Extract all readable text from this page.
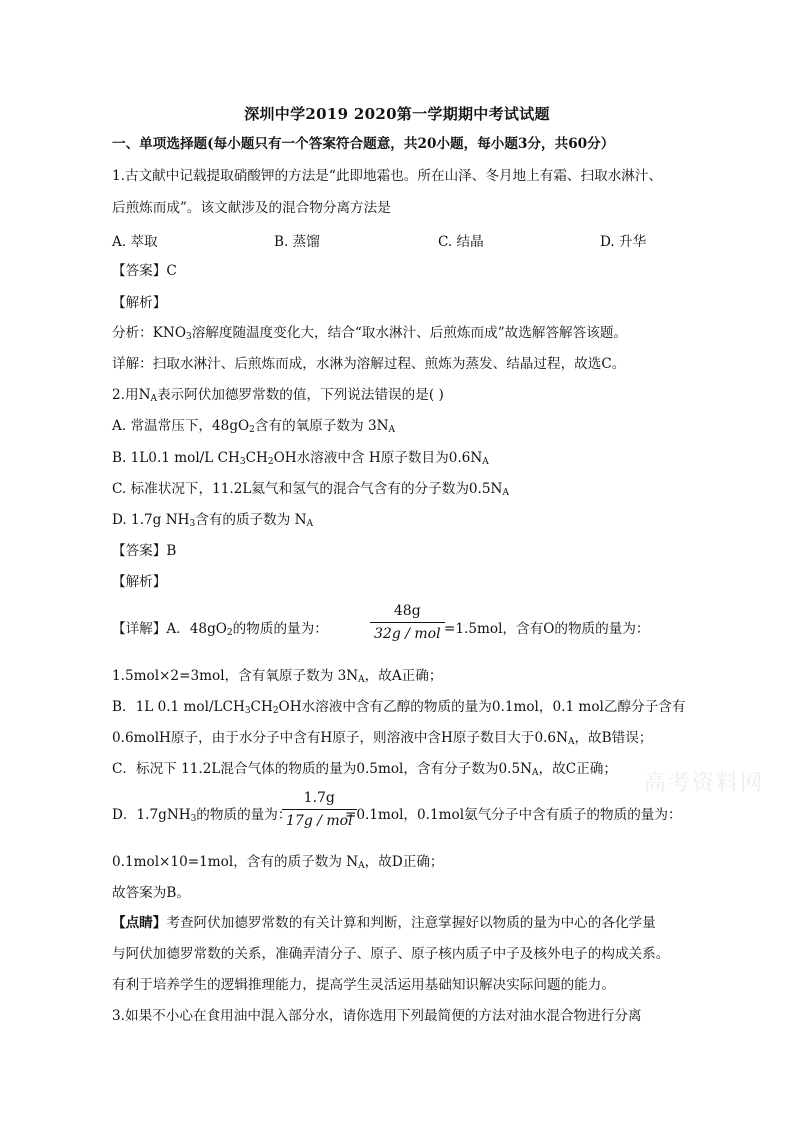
深圳中学2019 2020第一学期期中考试试题
一、单项选择题(每小题只有一个答案符合题意，共20小题，每小题3分，共60分）
1.古文献中记载提取硝酸钾的方法是“此即地霜也。所在山泽、冬月地上有霜、扫取水淋汁、
后煎炼而成”。该文献涉及的混合物分离方法是
A. 萃取	B. 蒸馏	C. 结晶	D. 升华
【答案】C
【解析】
分析：$KNO_3$溶解度随温度变化大，结合“取水淋汁、后煎炼而成”故选解答解答该题。
详解：扫取水淋汁、后煎炼而成，水淋为溶解过程、煎炼为蒸发、结晶过程，故选C。
2.用$N_A$表示阿伏加德罗常数的值，下列说法错误的是( )
A. 常温常压下，$48gO_2$含有的氧原子数为 $3N_A$
B. 1L0.1 mol/L $CH_3CH_2OH$水溶液中含 H原子数目为$0.6N_A$
C. 标准状况下，11.2L氦气和氢气的混合气含有的分子数为$0.5N_A$
D. 1.7g $NH_3$含有的质子数为 $N_A$
【答案】B
【解析】
【详解】A．$48gO_2$的物质的量为：
48g
32g / mol =1.5mol，含有O的物质的量为：
1.5mol×2=3mol，含有氧原子数为 $3N_A$，故A正确；
B．1L 0.1 mol/$LCH_3CH_2OH$水溶液中含有乙醇的物质的量为0.1mol，0.1 mol乙醇分子含有
0.6molH原子，由于水分子中含有H原子，则溶液中含H原子数目大于$0.6N_A$，故B错误；
C．标况下 11.2L混合气体的物质的量为0.5mol，含有分子数为$0.5N_A$，故C正确；
D．1.7gNH$_3$的物质的量为：
1.7g
17g / mol
=0.1mol，0.1mol氨气分子中含有质子的物质的量为：
0.1mol×10=1mol，含有的质子数为 $N_A$，故D正确；
故答案为B。
【点睛】考查阿伏加德罗常数的有关计算和判断，注意掌握好以物质的量为中心的各化学量
与阿伏加德罗常数的关系，准确弄清分子、原子、原子核内质子中子及核外电子的构成关系。
有利于培养学生的逻辑推理能力，提高学生灵活运用基础知识解决实际问题的能力。
3.如果不小心在食用油中混入部分水，请你选用下列最简便的方法对油水混合物进行分离
高考资料网
